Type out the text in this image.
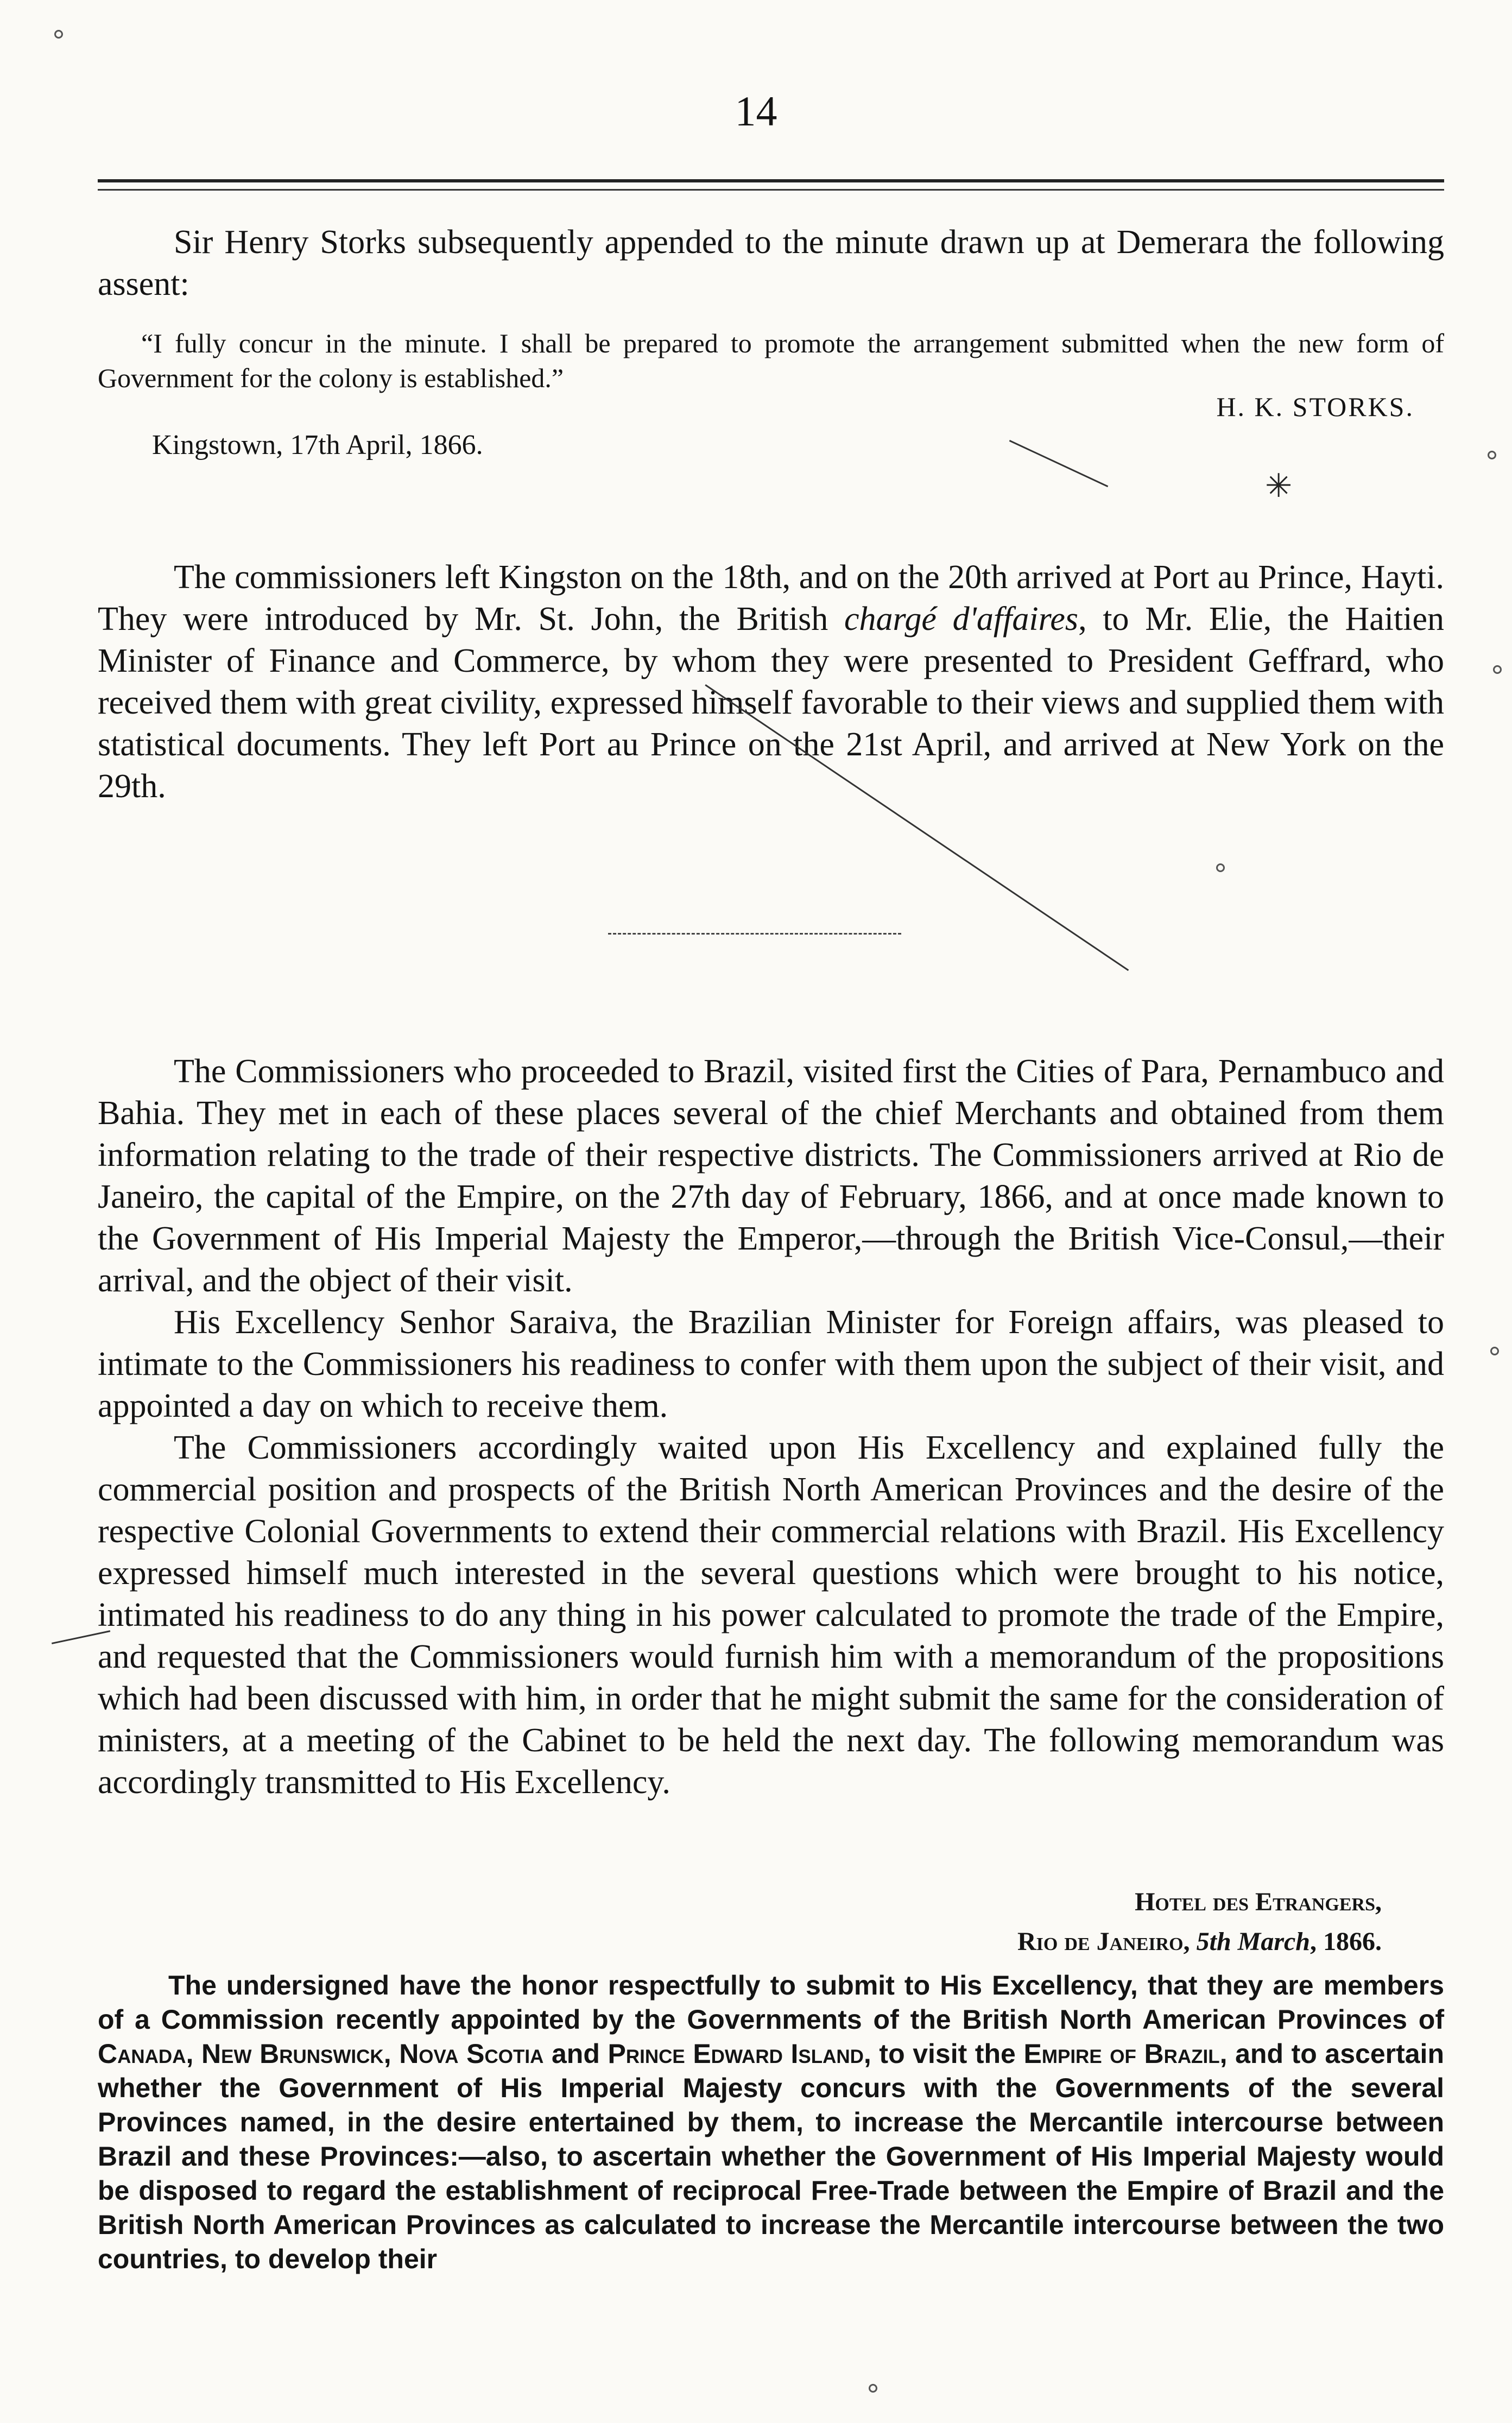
14

Sir Henry Storks subsequently appended to the minute drawn up at Demerara the following assent:

“I fully concur in the minute. I shall be prepared to promote the arrangement submitted when the new form of Government for the colony is established.”

H. K. STORKS.
Kingstown, 17th April, 1866.

The commissioners left Kingston on the 18th, and on the 20th arrived at Port au Prince, Hayti. They were introduced by Mr. St. John, the British chargé d'affaires, to Mr. Elie, the Haitien Minister of Finance and Commerce, by whom they were presented to President Geffrard, who received them with great civility, expressed himself favorable to their views and supplied them with statistical documents. They left Port au Prince on the 21st April, and arrived at New York on the 29th.

The Commissioners who proceeded to Brazil, visited first the Cities of Para, Pernambuco and Bahia. They met in each of these places several of the chief Merchants and obtained from them information relating to the trade of their respective districts. The Commissioners arrived at Rio de Janeiro, the capital of the Empire, on the 27th day of February, 1866, and at once made known to the Government of His Imperial Majesty the Emperor,—through the British Vice-Consul,—their arrival, and the object of their visit.

His Excellency Senhor Saraiva, the Brazilian Minister for Foreign affairs, was pleased to intimate to the Commissioners his readiness to confer with them upon the subject of their visit, and appointed a day on which to receive them.

The Commissioners accordingly waited upon His Excellency and explained fully the commercial position and prospects of the British North American Provinces and the desire of the respective Colonial Governments to extend their commercial relations with Brazil. His Excellency expressed himself much interested in the several questions which were brought to his notice, intimated his readiness to do any thing in his power calculated to promote the trade of the Empire, and requested that the Commissioners would furnish him with a memorandum of the propositions which had been discussed with him, in order that he might submit the same for the consideration of ministers, at a meeting of the Cabinet to be held the next day. The following memorandum was accordingly transmitted to His Excellency.

Hotel des Etrangers,
Rio de Janeiro, 5th March, 1866.

The undersigned have the honor respectfully to submit to His Excellency, that they are members of a Commission recently appointed by the Governments of the British North American Provinces of Canada, New Brunswick, Nova Scotia and Prince Edward Island, to visit the Empire of Brazil, and to ascertain whether the Government of His Imperial Majesty concurs with the Governments of the several Provinces named, in the desire entertained by them, to increase the Mercantile intercourse between Brazil and these Provinces:—also, to ascertain whether the Government of His Imperial Majesty would be disposed to regard the establishment of reciprocal Free-Trade between the Empire of Brazil and the British North American Provinces as calculated to increase the Mercantile intercourse between the two countries, to develop their

✳
